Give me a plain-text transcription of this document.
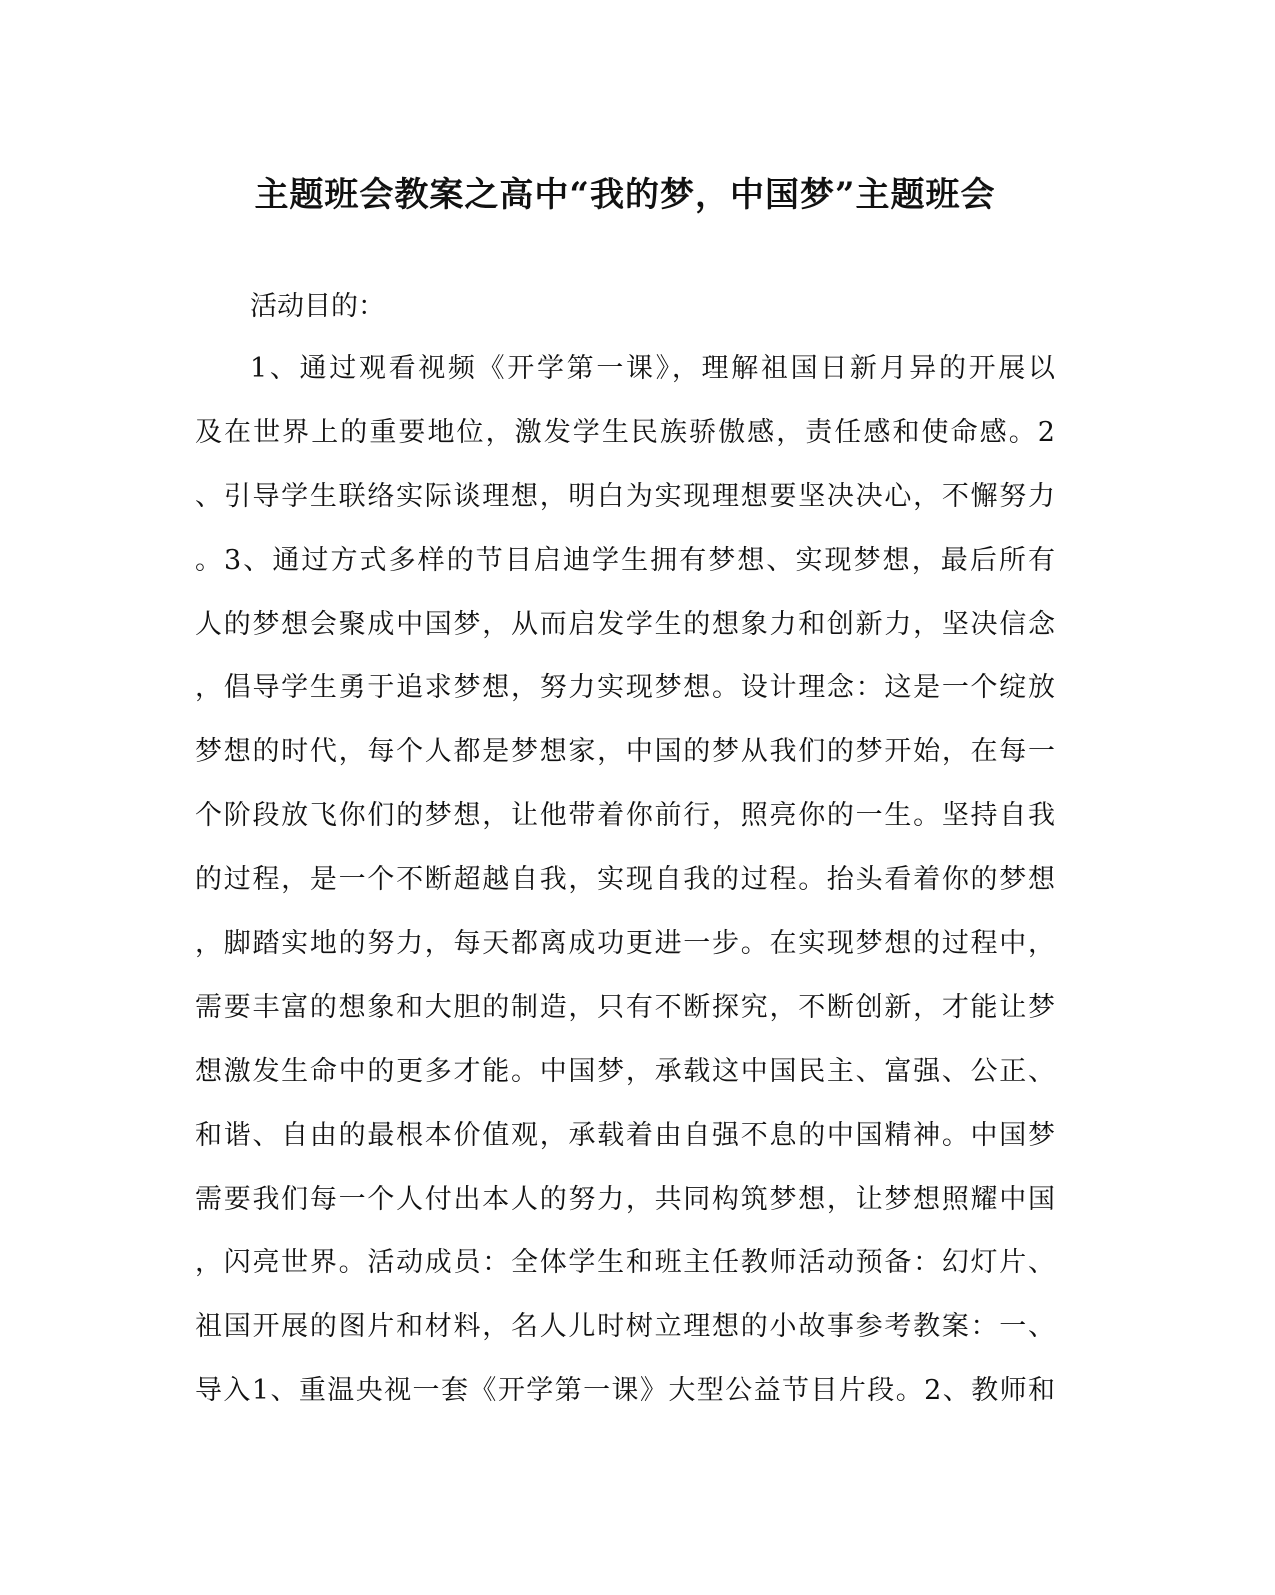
主题班会教案之高中“我的梦，中国梦”主题班会
活动目的：
1、通过观看视频《开学第一课》，理解祖国日新月异的开展以
及在世界上的重要地位，激发学生民族骄傲感，责任感和使命感。2
、引导学生联络实际谈理想，明白为实现理想要坚决决心，不懈努力
。3、通过方式多样的节目启迪学生拥有梦想、实现梦想，最后所有
人的梦想会聚成中国梦，从而启发学生的想象力和创新力，坚决信念
，倡导学生勇于追求梦想，努力实现梦想。设计理念：这是一个绽放
梦想的时代，每个人都是梦想家，中国的梦从我们的梦开始，在每一
个阶段放飞你们的梦想，让他带着你前行，照亮你的一生。坚持自我
的过程，是一个不断超越自我，实现自我的过程。抬头看着你的梦想
，脚踏实地的努力，每天都离成功更进一步。在实现梦想的过程中，
需要丰富的想象和大胆的制造，只有不断探究，不断创新，才能让梦
想激发生命中的更多才能。中国梦，承载这中国民主、富强、公正、
和谐、自由的最根本价值观，承载着由自强不息的中国精神。中国梦
需要我们每一个人付出本人的努力，共同构筑梦想，让梦想照耀中国
，闪亮世界。活动成员：全体学生和班主任教师活动预备：幻灯片、
祖国开展的图片和材料，名人儿时树立理想的小故事参考教案：一、
导入1、重温央视一套《开学第一课》大型公益节目片段。2、教师和
